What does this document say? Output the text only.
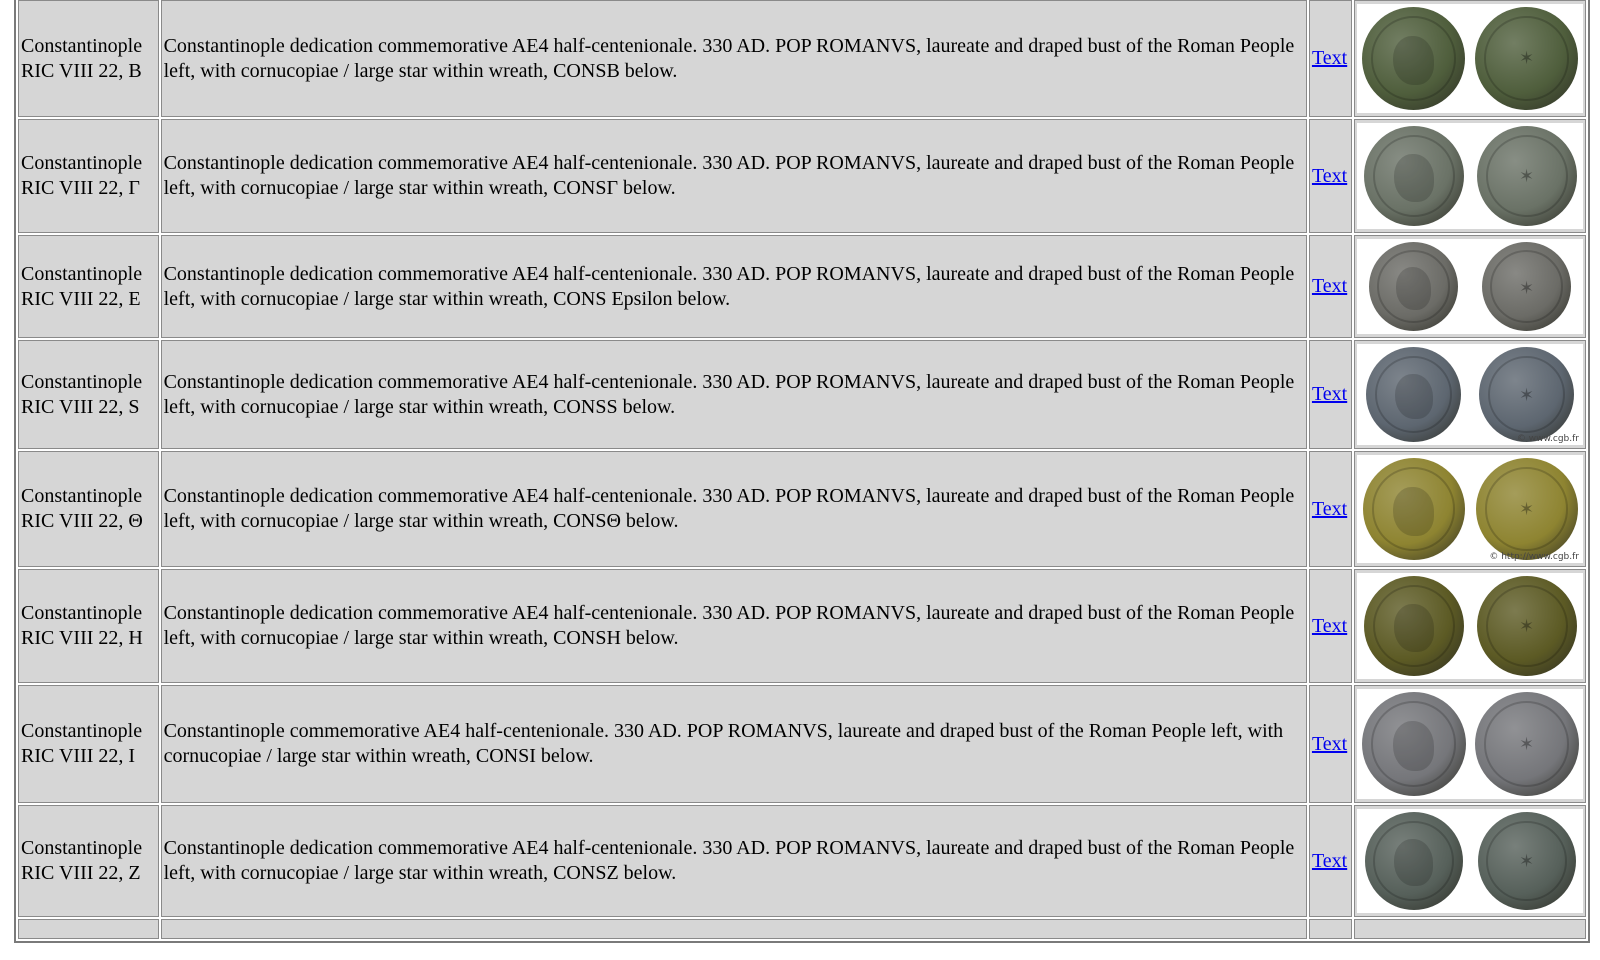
Constantinople
RIC VIII 22, B	Constantinople dedication commemorative AE4 half-centenionale. 330 AD. POP ROMANVS, laureate and draped bust of the Roman People left, with cornucopiae / large star within wreath, CONSB below.	Text	✶

Constantinople
RIC VIII 22, Γ	Constantinople dedication commemorative AE4 half-centenionale. 330 AD. POP ROMANVS, laureate and draped bust of the Roman People left, with cornucopiae / large star within wreath, CONSΓ below.	Text	✶

Constantinople
RIC VIII 22, E	Constantinople dedication commemorative AE4 half-centenionale. 330 AD. POP ROMANVS, laureate and draped bust of the Roman People left, with cornucopiae / large star within wreath, CONS Epsilon below.	Text	✶

Constantinople
RIC VIII 22, S	Constantinople dedication commemorative AE4 half-centenionale. 330 AD. POP ROMANVS, laureate and draped bust of the Roman People left, with cornucopiae / large star within wreath, CONSS below.	Text	✶
© www.cgb.fr

Constantinople
RIC VIII 22, Θ	Constantinople dedication commemorative AE4 half-centenionale. 330 AD. POP ROMANVS, laureate and draped bust of the Roman People left, with cornucopiae / large star within wreath, CONSΘ below.	Text	✶
© http://www.cgb.fr

Constantinople
RIC VIII 22, H	Constantinople dedication commemorative AE4 half-centenionale. 330 AD. POP ROMANVS, laureate and draped bust of the Roman People left, with cornucopiae / large star within wreath, CONSH below.	Text	✶

Constantinople
RIC VIII 22, I	Constantinople commemorative AE4 half-centenionale. 330 AD. POP ROMANVS, laureate and draped bust of the Roman People left, with cornucopiae / large star within wreath, CONSI below.	Text	✶

Constantinople
RIC VIII 22, Z	Constantinople dedication commemorative AE4 half-centenionale. 330 AD. POP ROMANVS, laureate and draped bust of the Roman People left, with cornucopiae / large star within wreath, CONSZ below.	Text	✶
